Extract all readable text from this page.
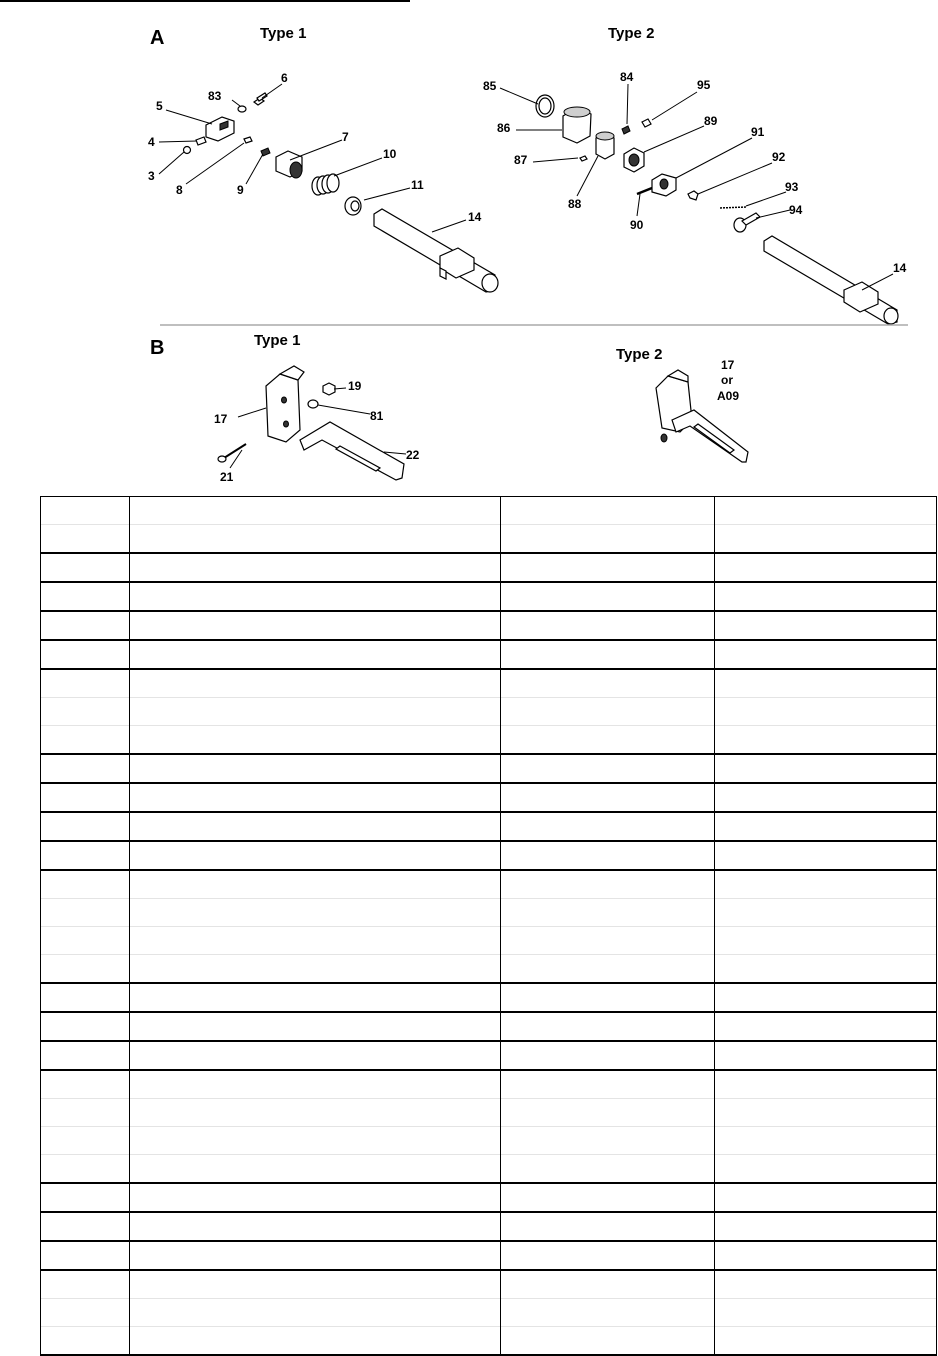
A	Type 1	Type 2
6
83
5
4
3
8	9
7
10
11
14
85
84
95
86	89
87
88
91
92
90
93
94
14
B	Type 1
Type 2
19
17	81
22
21
17
or
A09
